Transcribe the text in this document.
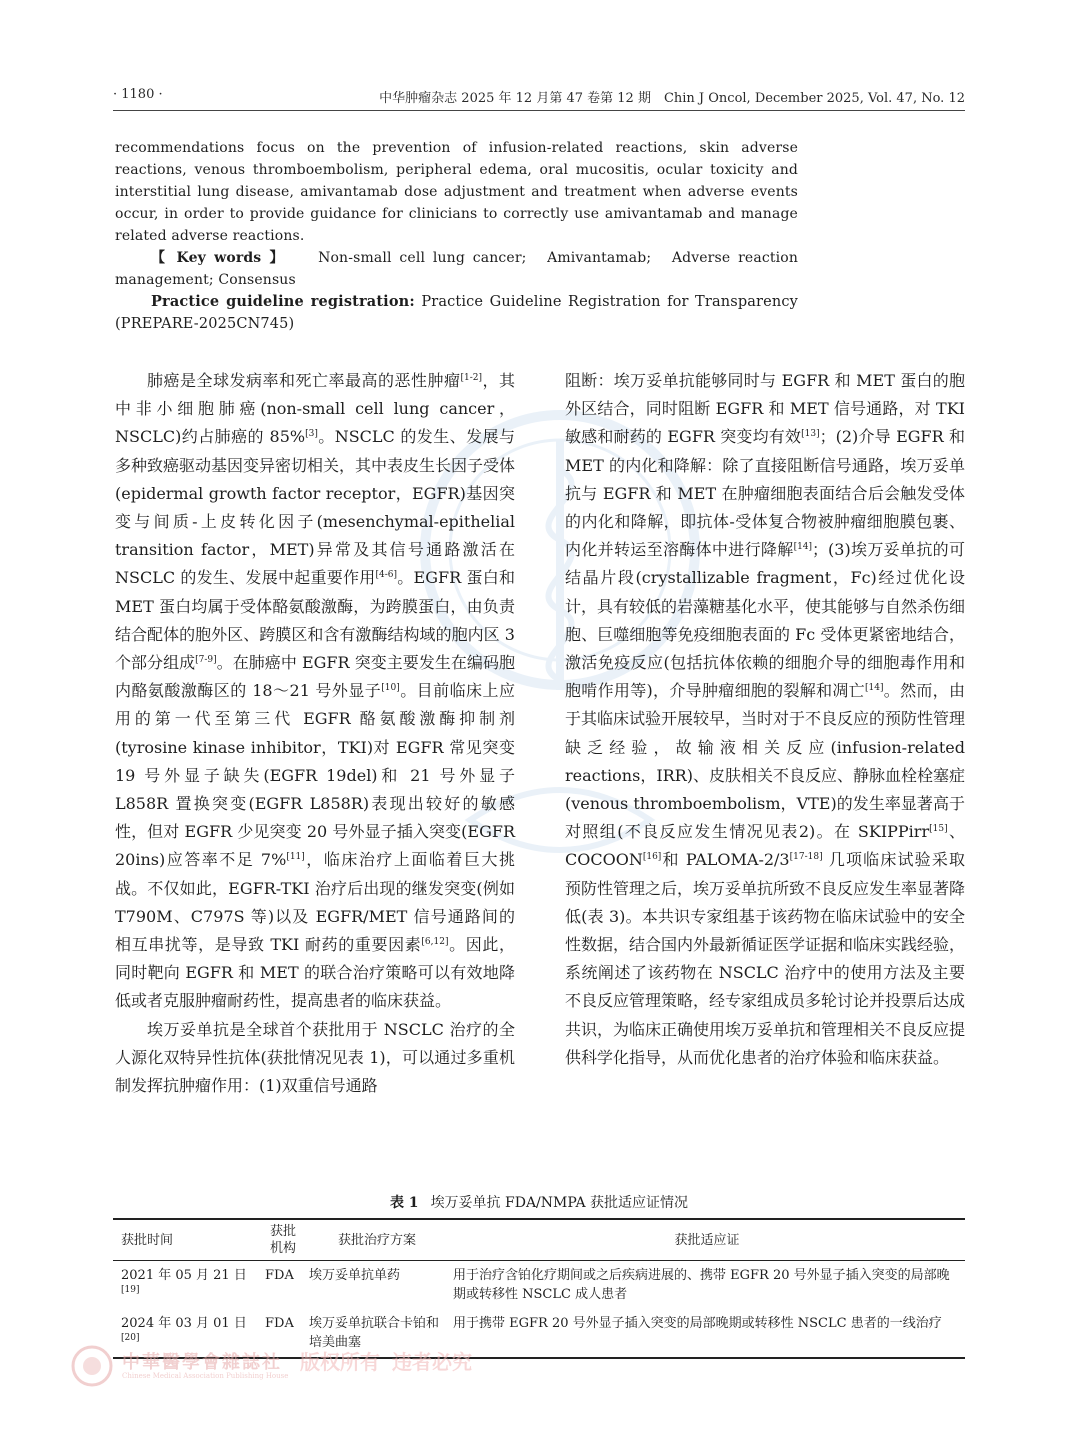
· 1180 ·	中华肿瘤杂志 2025 年 12 月第 47 卷第 12 期　Chin J Oncol, December 2025, Vol. 47, No. 12

recommendations focus on the prevention of infusion-related reactions, skin adverse reactions, venous thromboembolism, peripheral edema, oral mucositis, ocular toxicity and interstitial lung disease, amivantamab dose adjustment and treatment when adverse events occur, in order to provide guidance for clinicians to correctly use amivantamab and manage related adverse reactions.

【 Key words 】 Non-small cell lung cancer;　Amivantamab;　Adverse reaction management; Consensus

Practice guideline registration: Practice Guideline Registration for Transparency (PREPARE-2025CN745)

肺癌是全球发病率和死亡率最高的恶性肿瘤[1-2]，其中非小细胞肺癌(non-small cell lung cancer，NSCLC)约占肺癌的 85%[3]。NSCLC 的发生、发展与多种致癌驱动基因变异密切相关，其中表皮生长因子受体(epidermal growth factor receptor，EGFR)基因突变与间质-上皮转化因子(mesenchymal-epithelial transition factor，MET)异常及其信号通路激活在 NSCLC 的发生、发展中起重要作用[4-6]。EGFR 蛋白和 MET 蛋白均属于受体酪氨酸激酶，为跨膜蛋白，由负责结合配体的胞外区、跨膜区和含有激酶结构域的胞内区 3 个部分组成[7-9]。在肺癌中 EGFR 突变主要发生在编码胞内酪氨酸激酶区的 18～21 号外显子[10]。目前临床上应用的第一代至第三代 EGFR 酪氨酸激酶抑制剂(tyrosine kinase inhibitor，TKI)对 EGFR 常见突变 19 号外显子缺失(EGFR 19del)和 21 号外显子 L858R 置换突变(EGFR L858R)表现出较好的敏感性，但对 EGFR 少见突变 20 号外显子插入突变(EGFR 20ins)应答率不足 7%[11]，临床治疗上面临着巨大挑战。不仅如此，EGFR-TKI 治疗后出现的继发突变(例如 T790M、C797S 等)以及 EGFR/MET 信号通路间的相互串扰等，是导致 TKI 耐药的重要因素[6,12]。因此，同时靶向 EGFR 和 MET 的联合治疗策略可以有效地降低或者克服肿瘤耐药性，提高患者的临床获益。

埃万妥单抗是全球首个获批用于 NSCLC 治疗的全人源化双特异性抗体(获批情况见表 1)，可以通过多重机制发挥抗肿瘤作用：(1)双重信号通路

阻断：埃万妥单抗能够同时与 EGFR 和 MET 蛋白的胞外区结合，同时阻断 EGFR 和 MET 信号通路，对 TKI 敏感和耐药的 EGFR 突变均有效[13]；(2)介导 EGFR 和 MET 的内化和降解：除了直接阻断信号通路，埃万妥单抗与 EGFR 和 MET 在肿瘤细胞表面结合后会触发受体的内化和降解，即抗体-受体复合物被肿瘤细胞膜包裹、内化并转运至溶酶体中进行降解[14]；(3)埃万妥单抗的可结晶片段(crystallizable fragment，Fc)经过优化设计，具有较低的岩藻糖基化水平，使其能够与自然杀伤细胞、巨噬细胞等免疫细胞表面的 Fc 受体更紧密地结合，激活免疫反应(包括抗体依赖的细胞介导的细胞毒作用和胞啃作用等)，介导肿瘤细胞的裂解和凋亡[14]。然而，由于其临床试验开展较早，当时对于不良反应的预防性管理缺乏经验，故输液相关反应(infusion-related reactions，IRR)、皮肤相关不良反应、静脉血栓栓塞症(venous thromboembolism，VTE)的发生率显著高于对照组(不良反应发生情况见表2)。在 SKIPPirr[15]、COCOON[16]和 PALOMA-2/3[17-18] 几项临床试验采取预防性管理之后，埃万妥单抗所致不良反应发生率显著降低(表 3)。本共识专家组基于该药物在临床试验中的安全性数据，结合国内外最新循证医学证据和临床实践经验，系统阐述了该药物在 NSCLC 治疗中的使用方法及主要不良反应管理策略，经专家组成员多轮讨论并投票后达成共识，为临床正确使用埃万妥单抗和管理相关不良反应提供科学化指导，从而优化患者的治疗体验和临床获益。

表 1 埃万妥单抗 FDA/NMPA 获批适应证情况
获批时间	获批机构	获批治疗方案	获批适应证
2021 年 05 月 21 日[19]	FDA	埃万妥单抗单药	用于治疗含铂化疗期间或之后疾病进展的、携带 EGFR 20 号外显子插入突变的局部晚期或转移性 NSCLC 成人患者
2024 年 03 月 01 日[20]	FDA	埃万妥单抗联合卡铂和培美曲塞	用于携带 EGFR 20 号外显子插入突变的局部晚期或转移性 NSCLC 患者的一线治疗
中華醫學會雜誌社
Chinese Medical Association Publishing House
版权所有 违者必究
